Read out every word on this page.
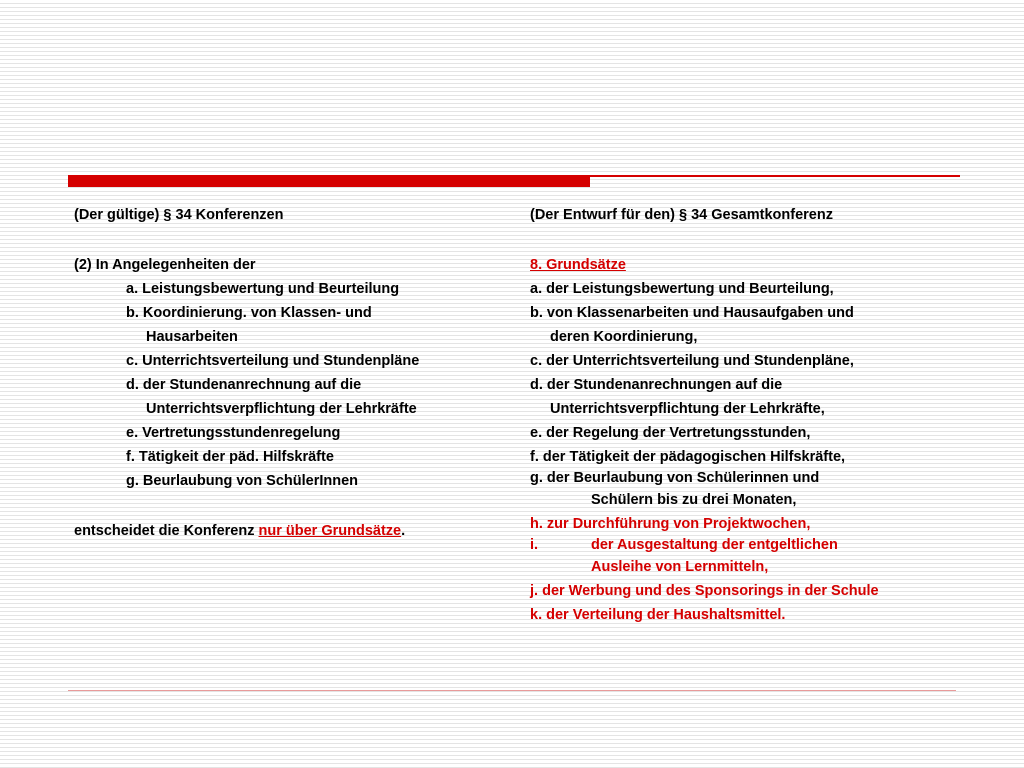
(Der gültige) § 34 Konferenzen
(2) In Angelegenheiten der
a. Leistungsbewertung und Beurteilung
b. Koordinierung. von Klassen- und
Hausarbeiten
c. Unterrichtsverteilung und Stundenpläne
d. der Stundenanrechnung auf die
Unterrichtsverpflichtung der Lehrkräfte
e. Vertretungsstundenregelung
f. Tätigkeit der päd. Hilfskräfte
g. Beurlaubung von SchülerInnen
entscheidet die Konferenz nur über Grundsätze.
(Der Entwurf für den) § 34 Gesamtkonferenz
8. Grundsätze
a. der Leistungsbewertung und Beurteilung,
b. von Klassenarbeiten und Hausaufgaben und
deren Koordinierung,
c. der Unterrichtsverteilung und Stundenpläne,
d. der Stundenanrechnungen auf die
Unterrichtsverpflichtung der Lehrkräfte,
e. der Regelung der Vertretungsstunden,
f. der Tätigkeit der pädagogischen Hilfskräfte,
g. der Beurlaubung von Schülerinnen und
Schülern bis zu drei Monaten,
h. zur Durchführung von Projektwochen,
i.	der Ausgestaltung der entgeltlichen
Ausleihe von Lernmitteln,
j. der Werbung und des Sponsorings in der Schule
k. der Verteilung der Haushaltsmittel.
